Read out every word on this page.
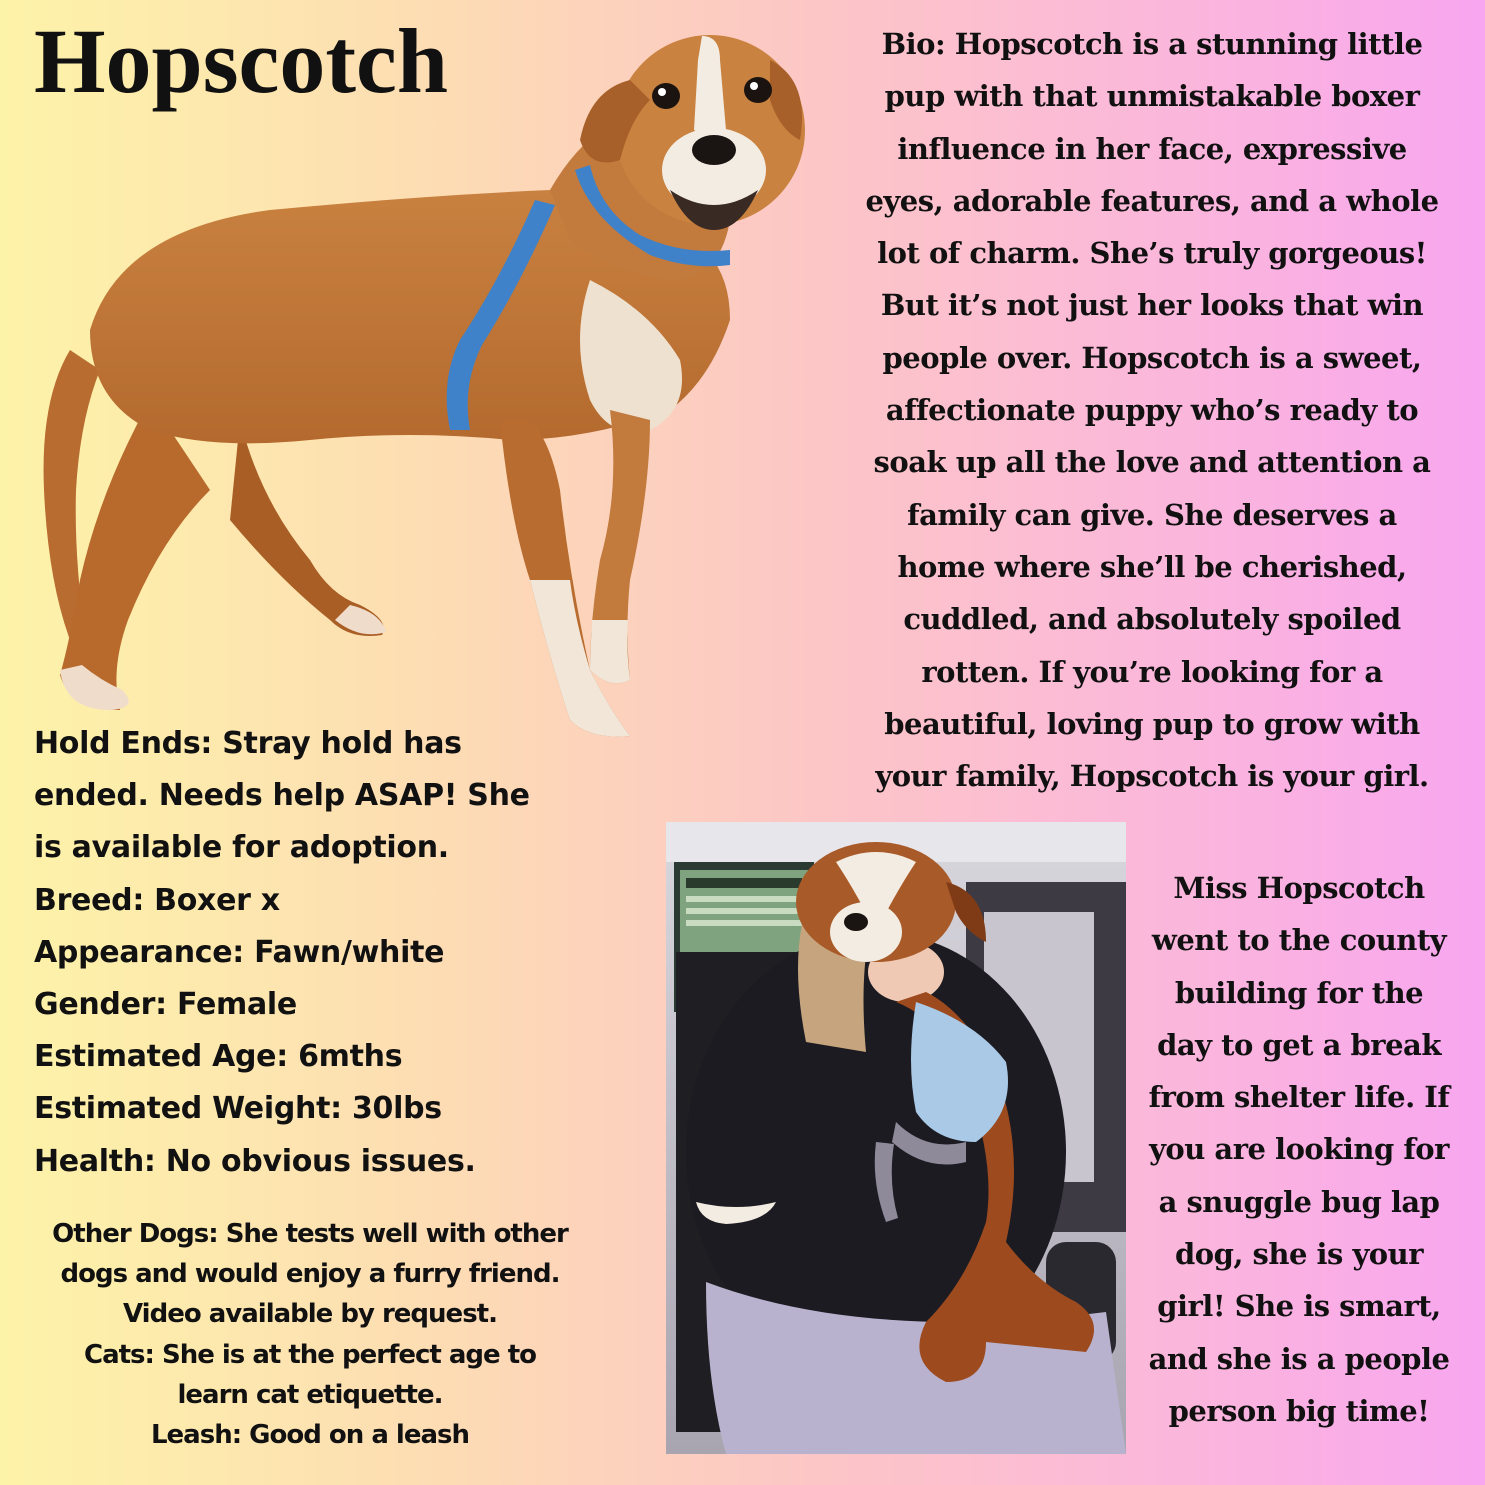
Hopscotch	Bio: Hopscotch is a stunning little
pup with that unmistakable boxer
influence in her face, expressive
eyes, adorable features, and a whole
lot of charm. She’s truly gorgeous!
But it’s not just her looks that win
people over. Hopscotch is a sweet,
affectionate puppy who’s ready to
soak up all the love and attention a
family can give. She deserves a
home where she’ll be cherished,
cuddled, and absolutely spoiled
rotten. If you’re looking for a
beautiful, loving pup to grow with
your family, Hopscotch is your girl.
Hold Ends: Stray hold has
ended. Needs help ASAP! She
is available for adoption.
Breed: Boxer x
Appearance: Fawn/white
Gender: Female
Estimated Age: 6mths
Estimated Weight: 30lbs
Health: No obvious issues.
Other Dogs: She tests well with other
dogs and would enjoy a furry friend.
Video available by request.
Cats: She is at the perfect age to
learn cat etiquette.
Leash: Good on a leash
Miss Hopscotch
went to the county
building for the
day to get a break
from shelter life. If
you are looking for
a snuggle bug lap
dog, she is your
girl! She is smart,
and she is a people
person big time!
